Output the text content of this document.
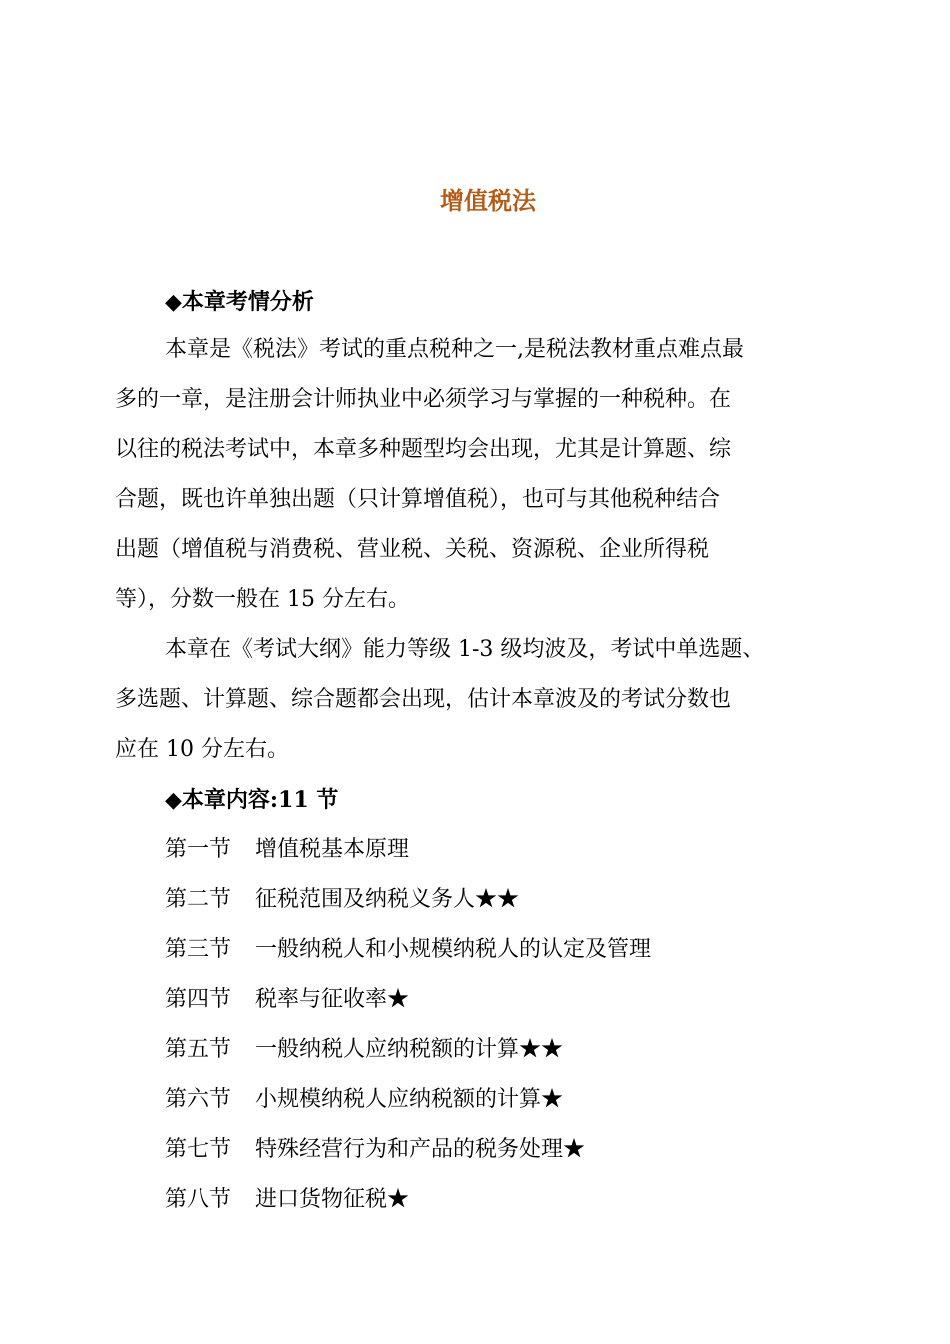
增值税法
◆本章考情分析
本章是《税法》考试的重点税种之一,是税法教材重点难点最
多的一章，是注册会计师执业中必须学习与掌握的一种税种。在
以往的税法考试中，本章多种题型均会出现，尤其是计算题、综
合题，既也许单独出题（只计算增值税），也可与其他税种结合
出题（增值税与消费税、营业税、关税、资源税、企业所得税
等），分数一般在 15 分左右。
本章在《考试大纲》能力等级 1-3 级均波及，考试中单选题、
多选题、计算题、综合题都会出现，估计本章波及的考试分数也
应在 10 分左右。
◆本章内容:11 节
第一节 增值税基本原理
第二节 征税范围及纳税义务人★★
第三节 一般纳税人和小规模纳税人的认定及管理
第四节 税率与征收率★
第五节 一般纳税人应纳税额的计算★★
第六节 小规模纳税人应纳税额的计算★
第七节 特殊经营行为和产品的税务处理★
第八节 进口货物征税★
